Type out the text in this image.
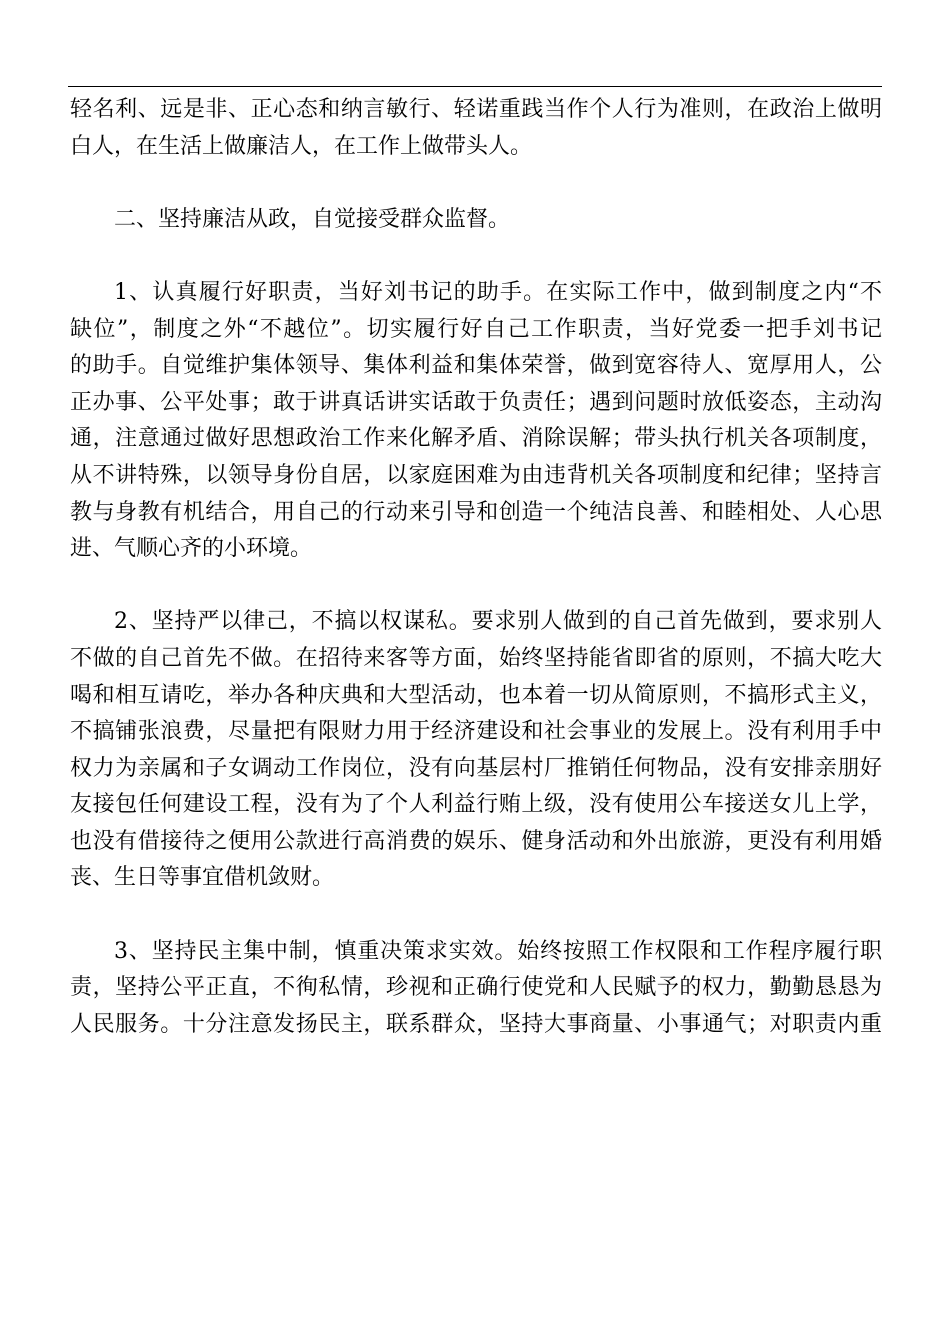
轻名利、远是非、正心态和纳言敏行、轻诺重践当作个人行为准则，在政治上做明
白人，在生活上做廉洁人，在工作上做带头人。
二、坚持廉洁从政，自觉接受群众监督。
1、认真履行好职责，当好刘书记的助手。在实际工作中，做到制度之内“不
缺位”，制度之外“不越位”。切实履行好自己工作职责，当好党委一把手刘书记
的助手。自觉维护集体领导、集体利益和集体荣誉，做到宽容待人、宽厚用人，公
正办事、公平处事；敢于讲真话讲实话敢于负责任；遇到问题时放低姿态，主动沟
通，注意通过做好思想政治工作来化解矛盾、消除误解；带头执行机关各项制度，
从不讲特殊，以领导身份自居，以家庭困难为由违背机关各项制度和纪律；坚持言
教与身教有机结合，用自己的行动来引导和创造一个纯洁良善、和睦相处、人心思
进、气顺心齐的小环境。
2、坚持严以律己，不搞以权谋私。要求别人做到的自己首先做到，要求别人
不做的自己首先不做。在招待来客等方面，始终坚持能省即省的原则，不搞大吃大
喝和相互请吃，举办各种庆典和大型活动，也本着一切从简原则，不搞形式主义，
不搞铺张浪费，尽量把有限财力用于经济建设和社会事业的发展上。没有利用手中
权力为亲属和子女调动工作岗位，没有向基层村厂推销任何物品，没有安排亲朋好
友接包任何建设工程，没有为了个人利益行贿上级，没有使用公车接送女儿上学，
也没有借接待之便用公款进行高消费的娱乐、健身活动和外出旅游，更没有利用婚
丧、生日等事宜借机敛财。
3、坚持民主集中制，慎重决策求实效。始终按照工作权限和工作程序履行职
责，坚持公平正直，不徇私情，珍视和正确行使党和人民赋予的权力，勤勤恳恳为
人民服务。十分注意发扬民主，联系群众，坚持大事商量、小事通气；对职责内重
